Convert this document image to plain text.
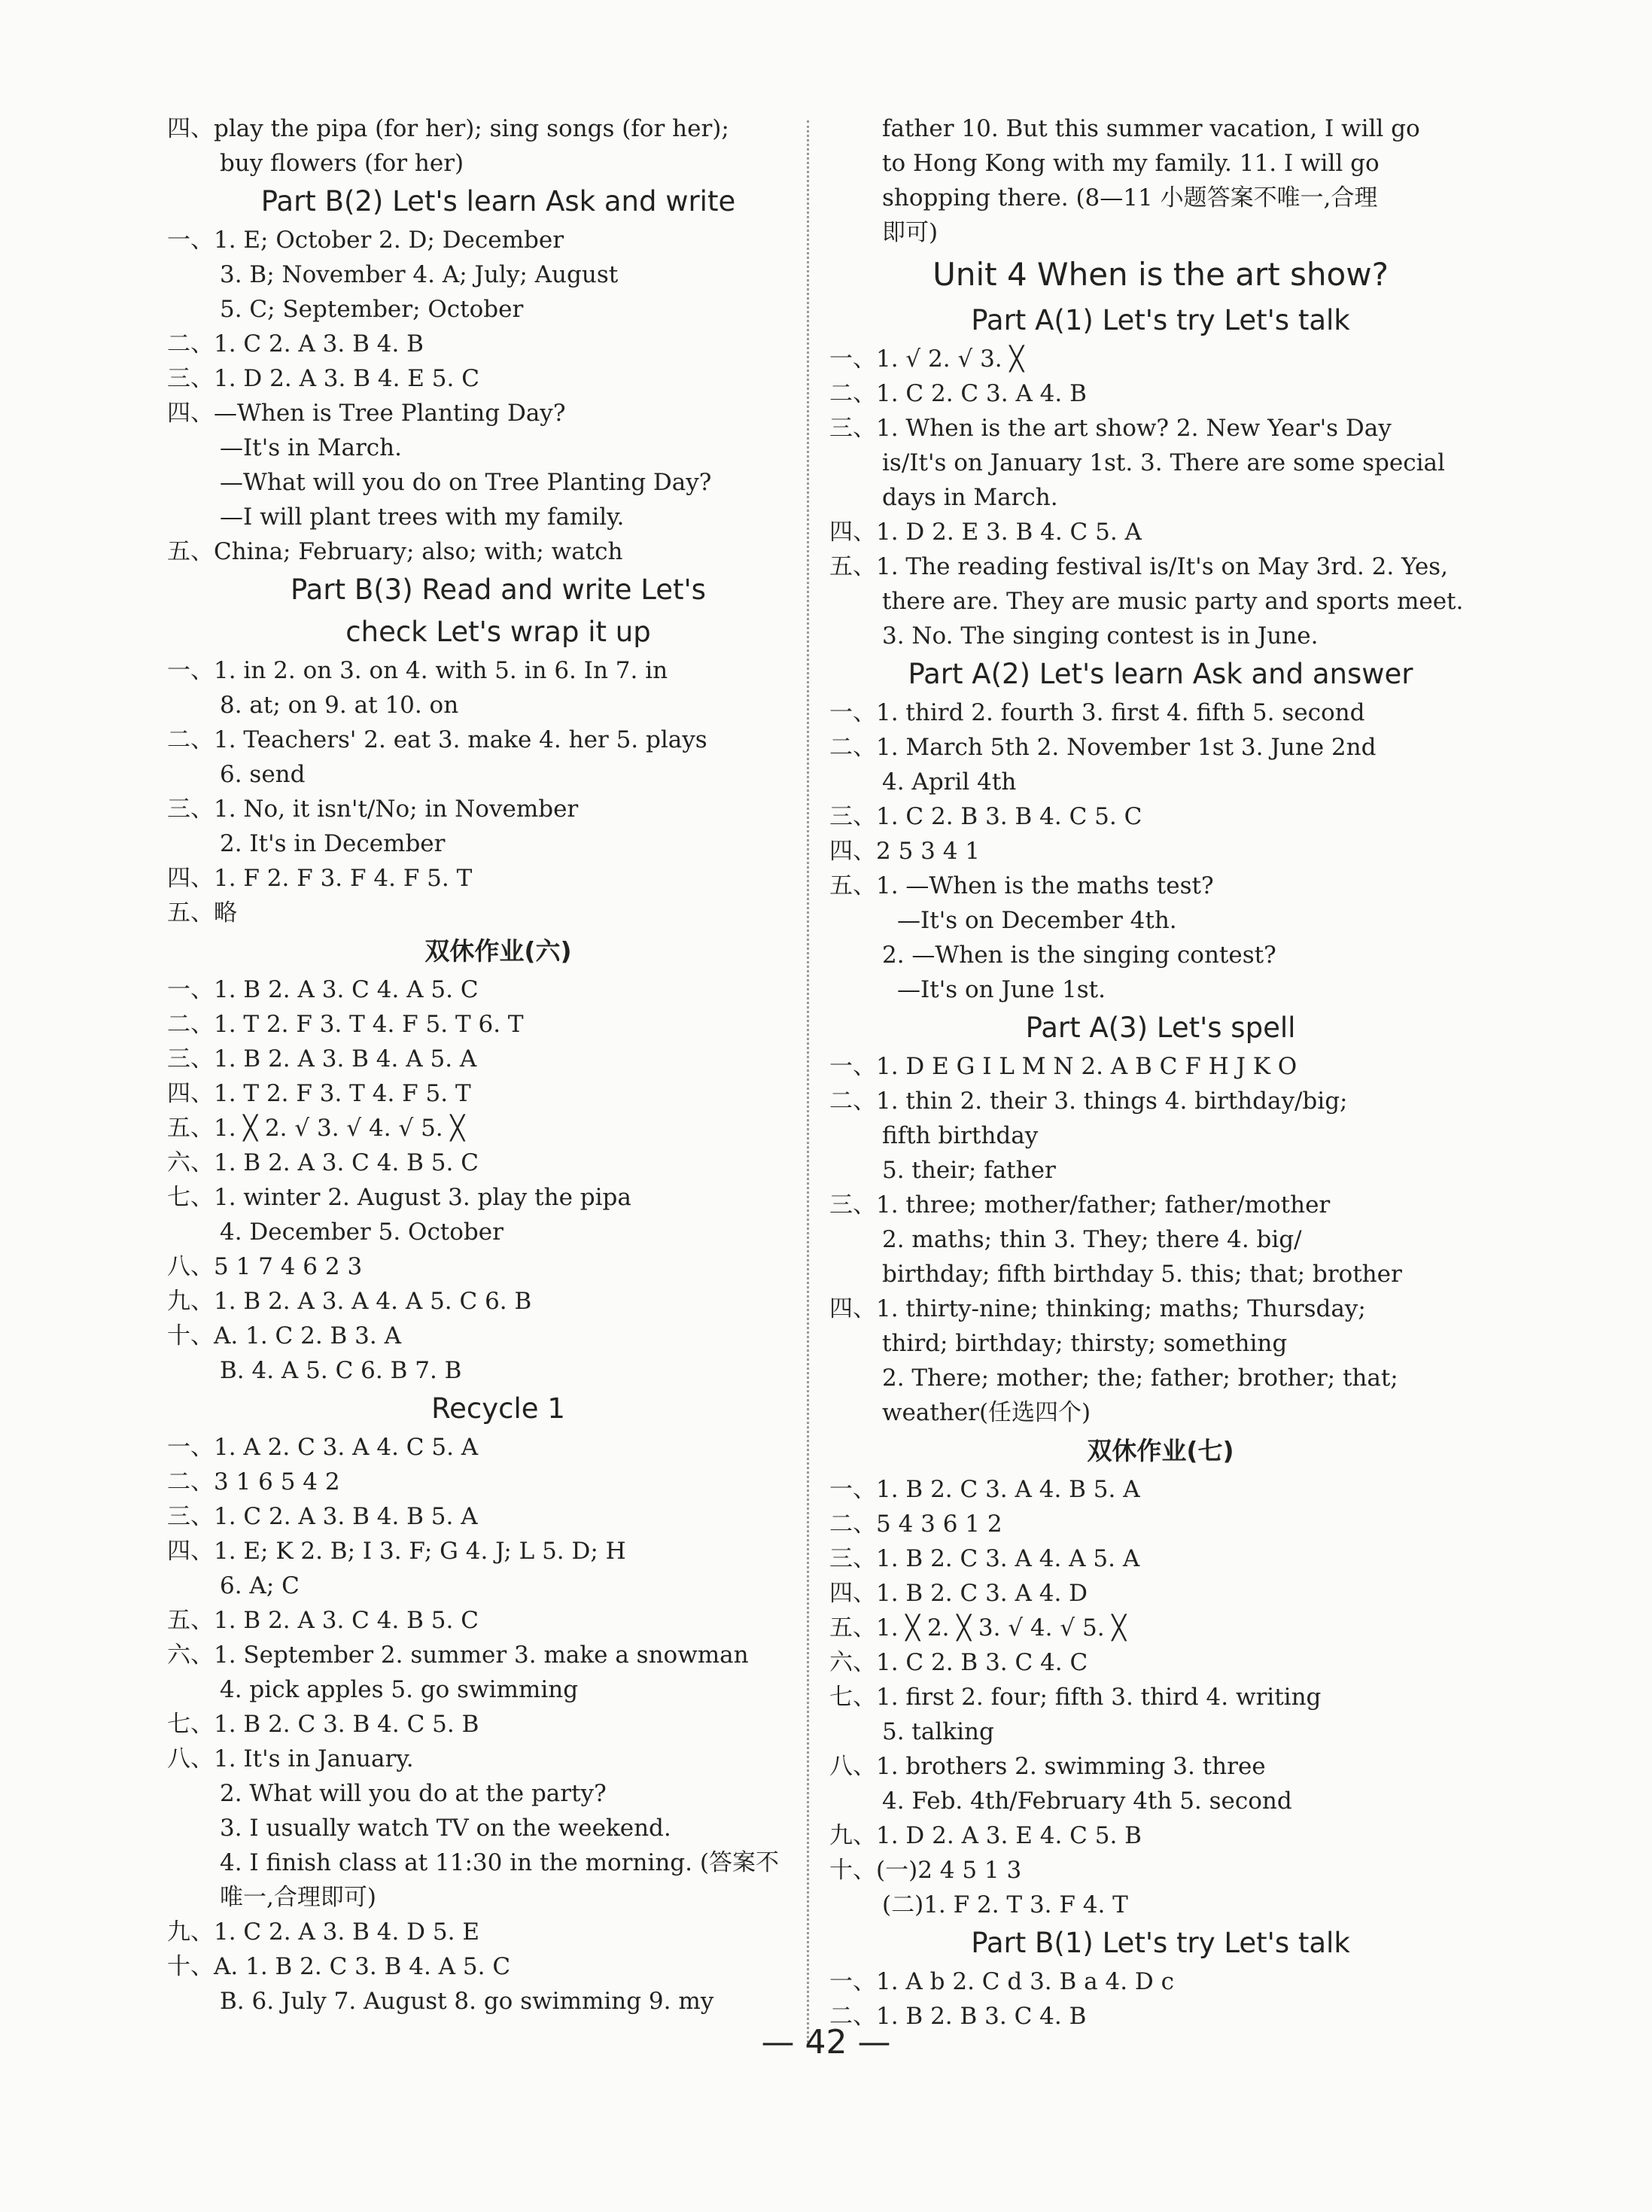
四、play the pipa (for her); sing songs (for her);
buy flowers (for her)
Part B(2) Let's learn Ask and write
一、1. E; October 2. D; December
3. B; November 4. A; July; August
5. C; September; October
二、1. C 2. A 3. B 4. B
三、1. D 2. A 3. B 4. E 5. C
四、—When is Tree Planting Day?
—It's in March.
—What will you do on Tree Planting Day?
—I will plant trees with my family.
五、China; February; also; with; watch
Part B(3) Read and write Let's
check Let's wrap it up
一、1. in 2. on 3. on 4. with 5. in 6. In 7. in
8. at; on 9. at 10. on
二、1. Teachers' 2. eat 3. make 4. her 5. plays
6. send
三、1. No, it isn't/No; in November
2. It's in December
四、1. F 2. F 3. F 4. F 5. T
五、略
双休作业(六)
一、1. B 2. A 3. C 4. A 5. C
二、1. T 2. F 3. T 4. F 5. T 6. T
三、1. B 2. A 3. B 4. A 5. A
四、1. T 2. F 3. T 4. F 5. T
五、1. ╳ 2. √ 3. √ 4. √ 5. ╳
六、1. B 2. A 3. C 4. B 5. C
七、1. winter 2. August 3. play the pipa
4. December 5. October
八、5 1 7 4 6 2 3
九、1. B 2. A 3. A 4. A 5. C 6. B
十、A. 1. C 2. B 3. A
B. 4. A 5. C 6. B 7. B
Recycle 1
一、1. A 2. C 3. A 4. C 5. A
二、3 1 6 5 4 2
三、1. C 2. A 3. B 4. B 5. A
四、1. E; K 2. B; I 3. F; G 4. J; L 5. D; H
6. A; C
五、1. B 2. A 3. C 4. B 5. C
六、1. September 2. summer 3. make a snowman
4. pick apples 5. go swimming
七、1. B 2. C 3. B 4. C 5. B
八、1. It's in January.
2. What will you do at the party?
3. I usually watch TV on the weekend.
4. I finish class at 11:30 in the morning. (答案不
唯一,合理即可)
九、1. C 2. A 3. B 4. D 5. E
十、A. 1. B 2. C 3. B 4. A 5. C
B. 6. July 7. August 8. go swimming 9. my
father 10. But this summer vacation, I will go
to Hong Kong with my family. 11. I will go
shopping there. (8—11 小题答案不唯一,合理
即可)
Unit 4 When is the art show?
Part A(1) Let's try Let's talk
一、1. √ 2. √ 3. ╳
二、1. C 2. C 3. A 4. B
三、1. When is the art show? 2. New Year's Day
is/It's on January 1st. 3. There are some special
days in March.
四、1. D 2. E 3. B 4. C 5. A
五、1. The reading festival is/It's on May 3rd. 2. Yes,
there are. They are music party and sports meet.
3. No. The singing contest is in June.
Part A(2) Let's learn Ask and answer
一、1. third 2. fourth 3. first 4. fifth 5. second
二、1. March 5th 2. November 1st 3. June 2nd
4. April 4th
三、1. C 2. B 3. B 4. C 5. C
四、2 5 3 4 1
五、1. —When is the maths test?
—It's on December 4th.
2. —When is the singing contest?
—It's on June 1st.
Part A(3) Let's spell
一、1. D E G I L M N 2. A B C F H J K O
二、1. thin 2. their 3. things 4. birthday/big;
fifth birthday
5. their; father
三、1. three; mother/father; father/mother
2. maths; thin 3. They; there 4. big/
birthday; fifth birthday 5. this; that; brother
四、1. thirty-nine; thinking; maths; Thursday;
third; birthday; thirsty; something
2. There; mother; the; father; brother; that;
weather(任选四个)
双休作业(七)
一、1. B 2. C 3. A 4. B 5. A
二、5 4 3 6 1 2
三、1. B 2. C 3. A 4. A 5. A
四、1. B 2. C 3. A 4. D
五、1. ╳ 2. ╳ 3. √ 4. √ 5. ╳
六、1. C 2. B 3. C 4. C
七、1. first 2. four; fifth 3. third 4. writing
5. talking
八、1. brothers 2. swimming 3. three
4. Feb. 4th/February 4th 5. second
九、1. D 2. A 3. E 4. C 5. B
十、(一)2 4 5 1 3
(二)1. F 2. T 3. F 4. T
Part B(1) Let's try Let's talk
一、1. A b 2. C d 3. B a 4. D c
二、1. B 2. B 3. C 4. B
— 42 —
